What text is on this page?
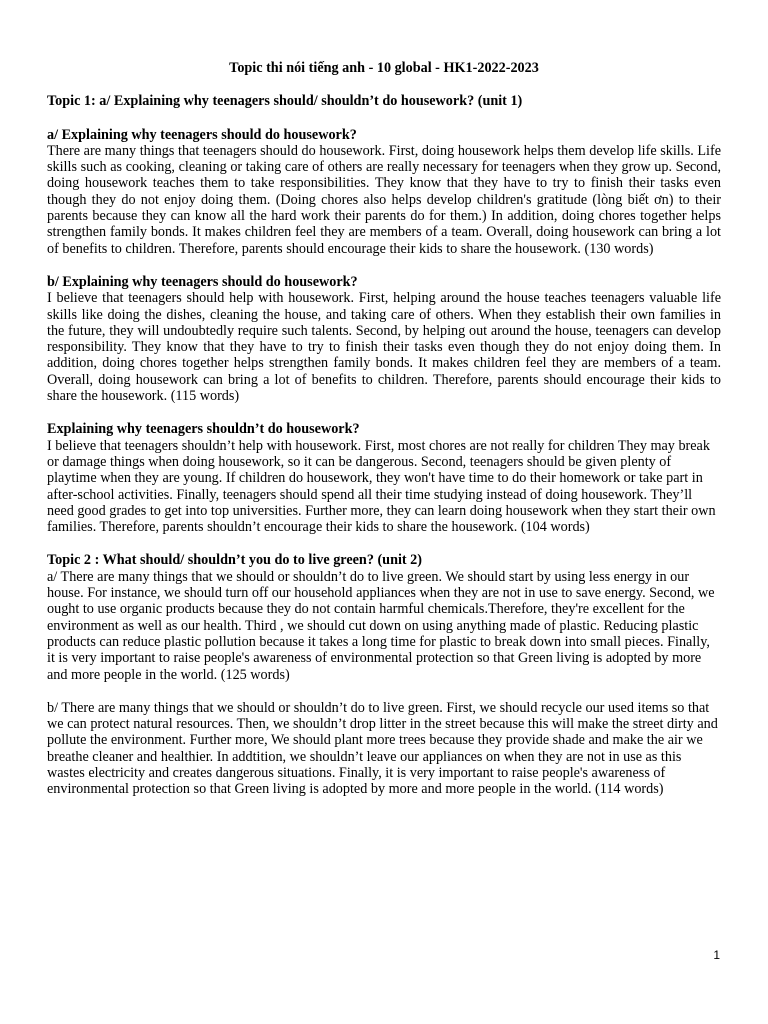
Topic thi nói tiếng anh - 10 global - HK1-2022-2023

Topic 1: a/ Explaining why teenagers should/ shouldn’t do housework? (unit 1)

a/ Explaining why teenagers should do housework?

There are many things that teenagers should do housework. First, doing housework helps them develop life skills. Life skills such as cooking, cleaning or taking care of others are really necessary for teenagers when they grow up. Second, doing housework teaches them to take responsibilities. They know that they have to try to finish their tasks even though they do not enjoy doing them. (Doing chores also helps develop children's gratitude (lòng biết ơn) to their parents because they can know all the hard work their parents do for them.) In addition, doing chores together helps strengthen family bonds. It makes children feel they are members of a team. Overall, doing housework can bring a lot of benefits to children. Therefore, parents should encourage their kids to share the housework. (130 words)

b/ Explaining why teenagers should do housework?

I believe that teenagers should help with housework. First, helping around the house teaches teenagers valuable life skills like doing the dishes, cleaning the house, and taking care of others. When they establish their own families in the future, they will undoubtedly require such talents. Second, by helping out around the house, teenagers can develop responsibility. They know that they have to try to finish their tasks even though they do not enjoy doing them. In addition, doing chores together helps strengthen family bonds. It makes children feel they are members of a team. Overall, doing housework can bring a lot of benefits to children. Therefore, parents should encourage their kids to share the housework. (115 words)

Explaining why teenagers shouldn’t do housework?

I believe that teenagers shouldn’t help with housework. First, most chores are not really for children They may break or damage things when doing housework, so it can be dangerous. Second, teenagers should be given plenty of playtime when they are young. If children do housework, they won't have time to do their homework or take part in after-school activities. Finally, teenagers should spend all their time studying instead of doing housework. They’ll need good grades to get into top universities. Further more, they can learn doing housework when they start their own families. Therefore, parents shouldn’t encourage their kids to share the housework. (104 words)

Topic 2 : What should/ shouldn’t you do to live green? (unit 2)

a/ There are many things that we should or shouldn’t do to live green. We should start by using less energy in our house. For instance, we should turn off our household appliances when they are not in use to save energy. Second, we ought to use organic products because they do not contain harmful chemicals.Therefore, they're excellent for the environment as well as our health. Third , we should cut down on using anything made of plastic. Reducing plastic products can reduce plastic pollution because it takes a long time for plastic to break down into small pieces. Finally, it is very important to raise people's awareness of environmental protection so that Green living is adopted by more and more people in the world. (125 words)

b/ There are many things that we should or shouldn’t do to live green. First, we should recycle our used items so that we can protect natural resources. Then, we shouldn’t drop litter in the street because this will make the street dirty and pollute the environment. Further more, We should plant more trees because they provide shade and make the air we breathe cleaner and healthier. In addtition, we shouldn’t leave our appliances on when they are not in use as this wastes electricity and creates dangerous situations. Finally, it is very important to raise people's awareness of environmental protection so that Green living is adopted by more and more people in the world. (114 words)

1
